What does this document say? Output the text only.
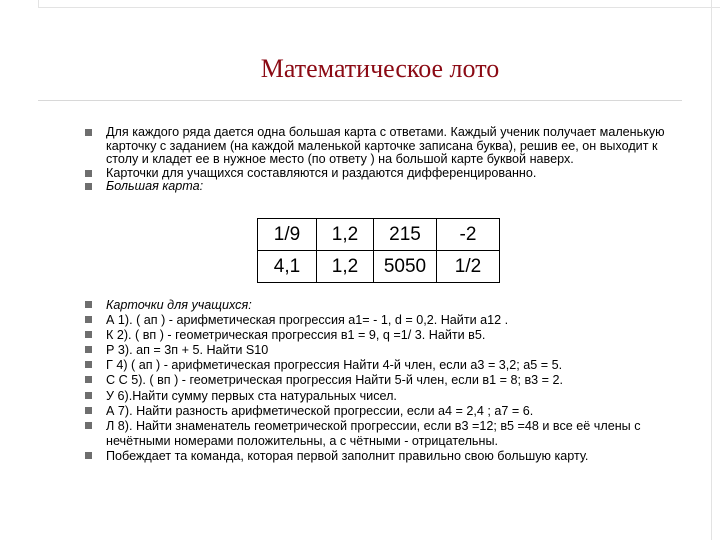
Математическое лото
Для каждого ряда дается одна большая карта с ответами. Каждый ученик получает маленькую карточку с заданием (на каждой маленькой карточке записана буква), решив ее, он выходит к столу и кладет ее в нужное место (по ответу ) на большой карте буквой наверх.
Карточки для учащихся составляются и раздаются дифференцированно.
Большая карта:
1/9	1,2	215	-2
4,1	1,2	5050	1/2
Карточки для учащихся:
А 1). ( ап ) - арифметическая прогрессия а1= - 1, d = 0,2. Найти а12 .
К 2). ( вп ) - геометрическая прогрессия в1 = 9, q =1/ 3. Найти в5.
Р 3). ап = 3п + 5. Найти S10
Г 4) ( ап ) - арифметическая прогрессия Найти 4-й член, если а3 = 3,2; а5 = 5.
С С 5). ( вп ) - геометрическая прогрессия Найти 5-й член, если в1 = 8; в3 = 2.
У 6).Найти сумму первых ста натуральных чисел.
А 7). Найти разность арифметической прогрессии, если а4 = 2,4 ; а7 = 6.
Л 8). Найти знаменатель геометрической прогрессии, если в3 =12; в5 =48 и все её члены с нечётными номерами положительны, а с чётными - отрицательны.
Побеждает та команда, которая первой заполнит правильно свою большую карту.
